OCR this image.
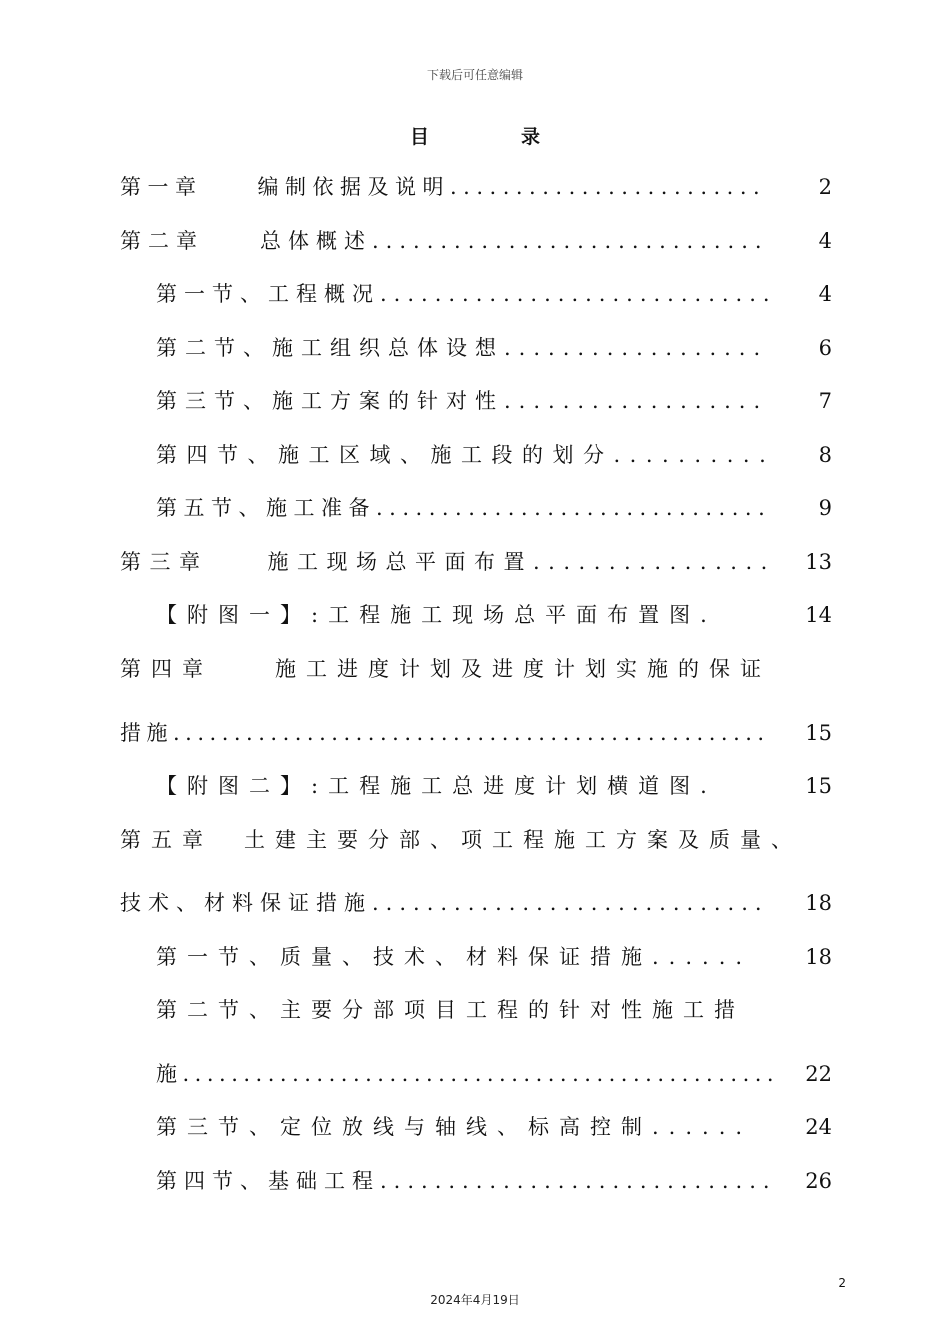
下载后可任意编辑
目	录
第一章　　编制依据及说明........................	2
第二章　　总体概述.............................	4
第一节、工程概况.............................	4
第二节、施工组织总体设想..................	6
第三节、施工方案的针对性..................	7
第四节、施工区域、施工段的划分..........	8
第五节、施工准备..............................	9
第三章　　施工现场总平面布置................	13
【附图一】:工程施工现场总平面布置图.	14
第四章　　施工进度计划及进度计划实施的保证
措施.................................................	15
【附图二】:工程施工总进度计划横道图.	15
第五章　土建主要分部、项工程施工方案及质量、
技术、材料保证措施.............................	18
第一节、质量、技术、材料保证措施......	18
第二节、主要分部项目工程的针对性施工措
施.................................................	22
第三节、定位放线与轴线、标高控制......	24
第四节、基础工程.............................	26
2
2024年4月19日
